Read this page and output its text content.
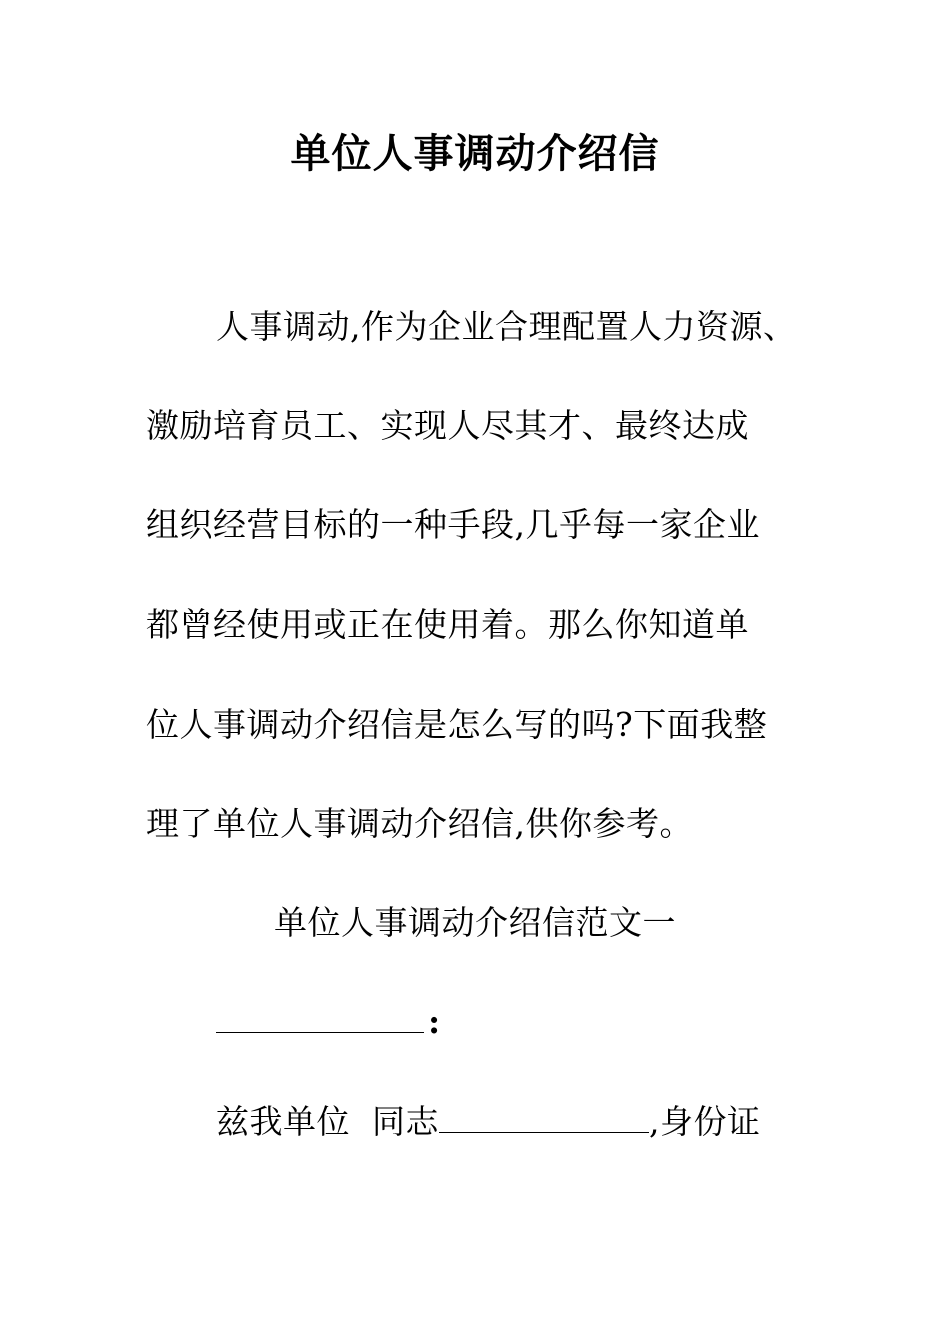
单位人事调动介绍信
人事调动,作为企业合理配置人力资源、
激励培育员工、实现人尽其才、最终达成
组织经营目标的一种手段,几乎每一家企业
都曾经使用或正在使用着。那么你知道单
位人事调动介绍信是怎么写的吗?下面我整
理了单位人事调动介绍信,供你参考。
单位人事调动介绍信范文一
:
兹我单位  同志	,身份证
